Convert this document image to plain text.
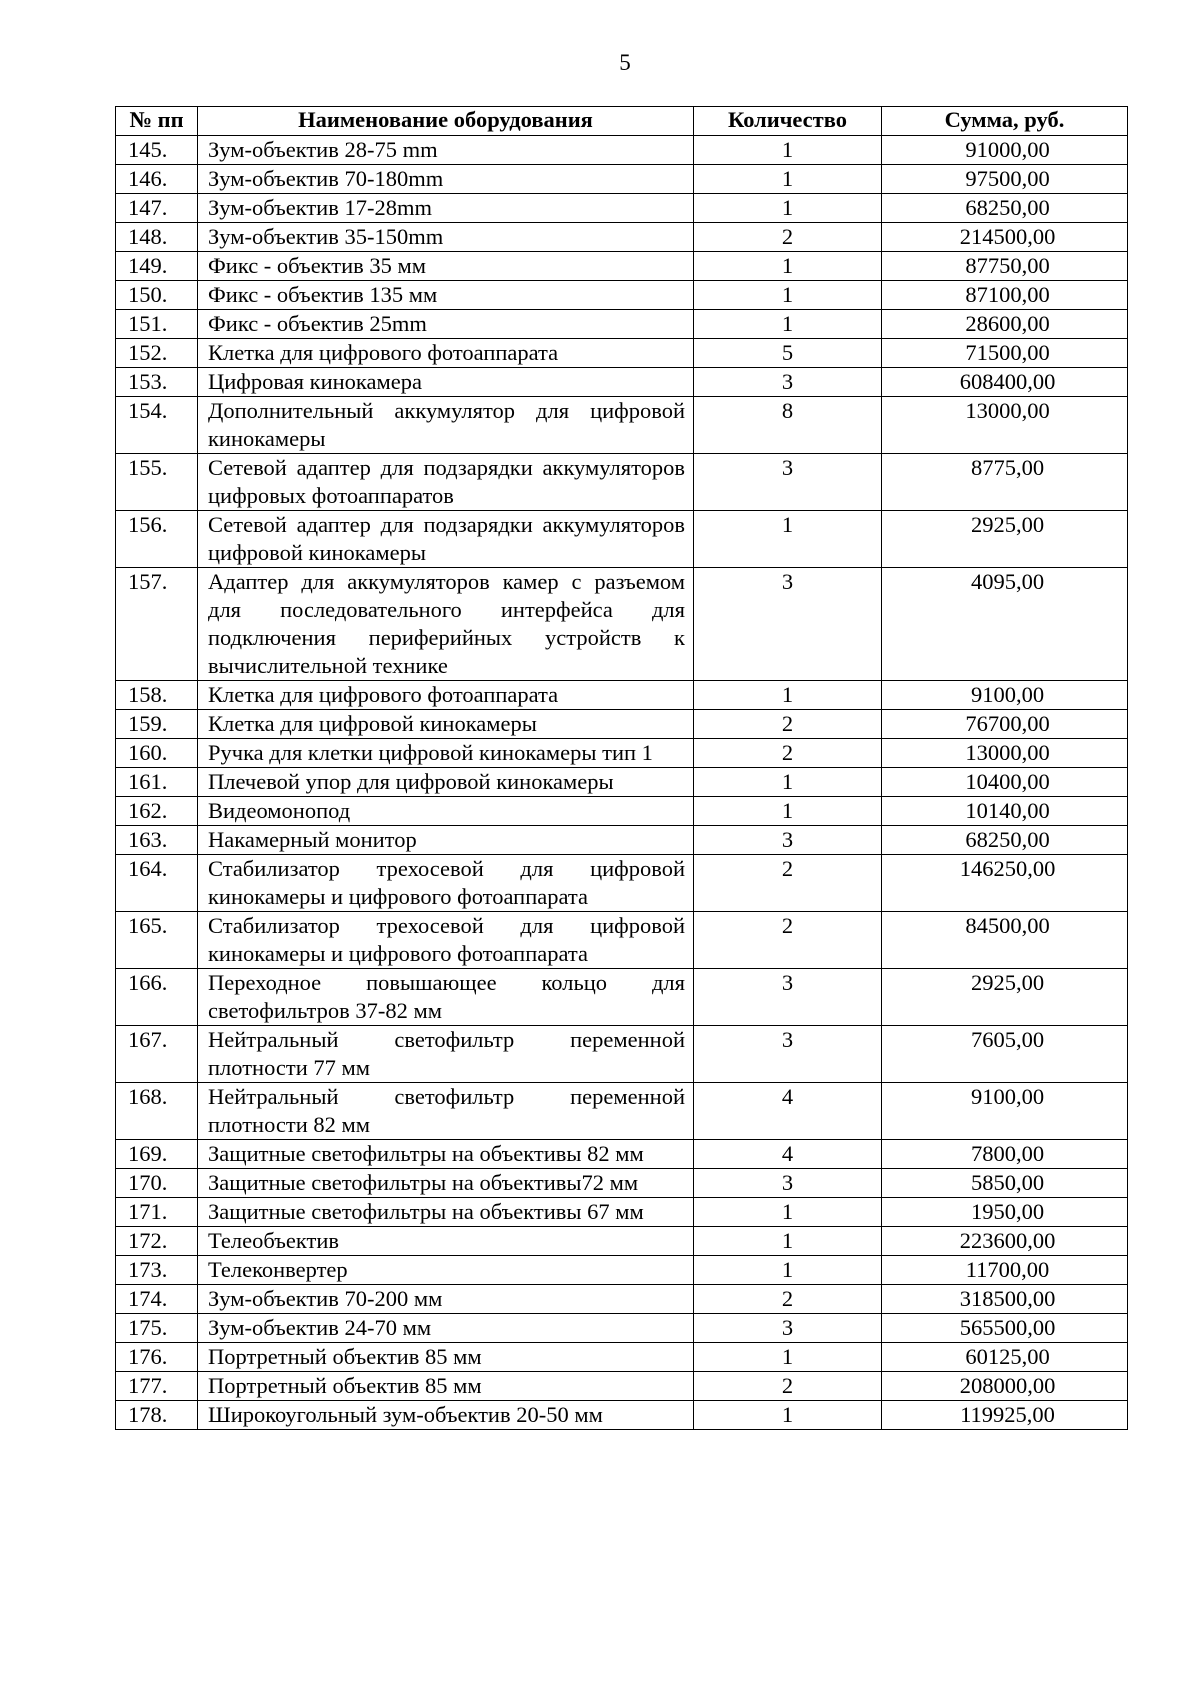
5
№ пп	Наименование оборудования	Количество	Сумма, руб.
145.	Зум-объектив 28-75 mm	1	91000,00
146.	Зум-объектив 70-180mm	1	97500,00
147.	Зум-объектив 17-28mm	1	68250,00
148.	Зум-объектив 35-150mm	2	214500,00
149.	Фикс - объектив 35 мм	1	87750,00
150.	Фикс - объектив 135 мм	1	87100,00
151.	Фикс - объектив 25mm	1	28600,00
152.	Клетка для цифрового фотоаппарата	5	71500,00
153.	Цифровая кинокамера	3	608400,00
154.	Дополнительный аккумулятор для цифровой кинокамеры	8	13000,00
155.	Сетевой адаптер для подзарядки аккумуляторов цифровых фотоаппаратов	3	8775,00
156.	Сетевой адаптер для подзарядки аккумуляторов цифровой кинокамеры	1	2925,00
157.	Адаптер для аккумуляторов камер с разъемом для последовательного интерфейса для подключения периферийных устройств к вычислительной технике	3	4095,00
158.	Клетка для цифрового фотоаппарата	1	9100,00
159.	Клетка для цифровой кинокамеры	2	76700,00
160.	Ручка для клетки цифровой кинокамеры тип 1	2	13000,00
161.	Плечевой упор для цифровой кинокамеры	1	10400,00
162.	Видеомонопод	1	10140,00
163.	Накамерный монитор	3	68250,00
164.	Стабилизатор трехосевой для цифровой кинокамеры и цифрового фотоаппарата	2	146250,00
165.	Стабилизатор трехосевой для цифровой кинокамеры и цифрового фотоаппарата	2	84500,00
166.	Переходное повышающее кольцо для светофильтров 37-82 мм	3	2925,00
167.	Нейтральный светофильтр переменной плотности 77 мм	3	7605,00
168.	Нейтральный светофильтр переменной плотности 82 мм	4	9100,00
169.	Защитные светофильтры на объективы 82 мм	4	7800,00
170.	Защитные светофильтры на объективы72 мм	3	5850,00
171.	Защитные светофильтры на объективы 67 мм	1	1950,00
172.	Телеобъектив	1	223600,00
173.	Телеконвертер	1	11700,00
174.	Зум-объектив 70-200 мм	2	318500,00
175.	Зум-объектив 24-70 мм	3	565500,00
176.	Портретный объектив 85 мм	1	60125,00
177.	Портретный объектив 85 мм	2	208000,00
178.	Широкоугольный зум-объектив 20-50 мм	1	119925,00
